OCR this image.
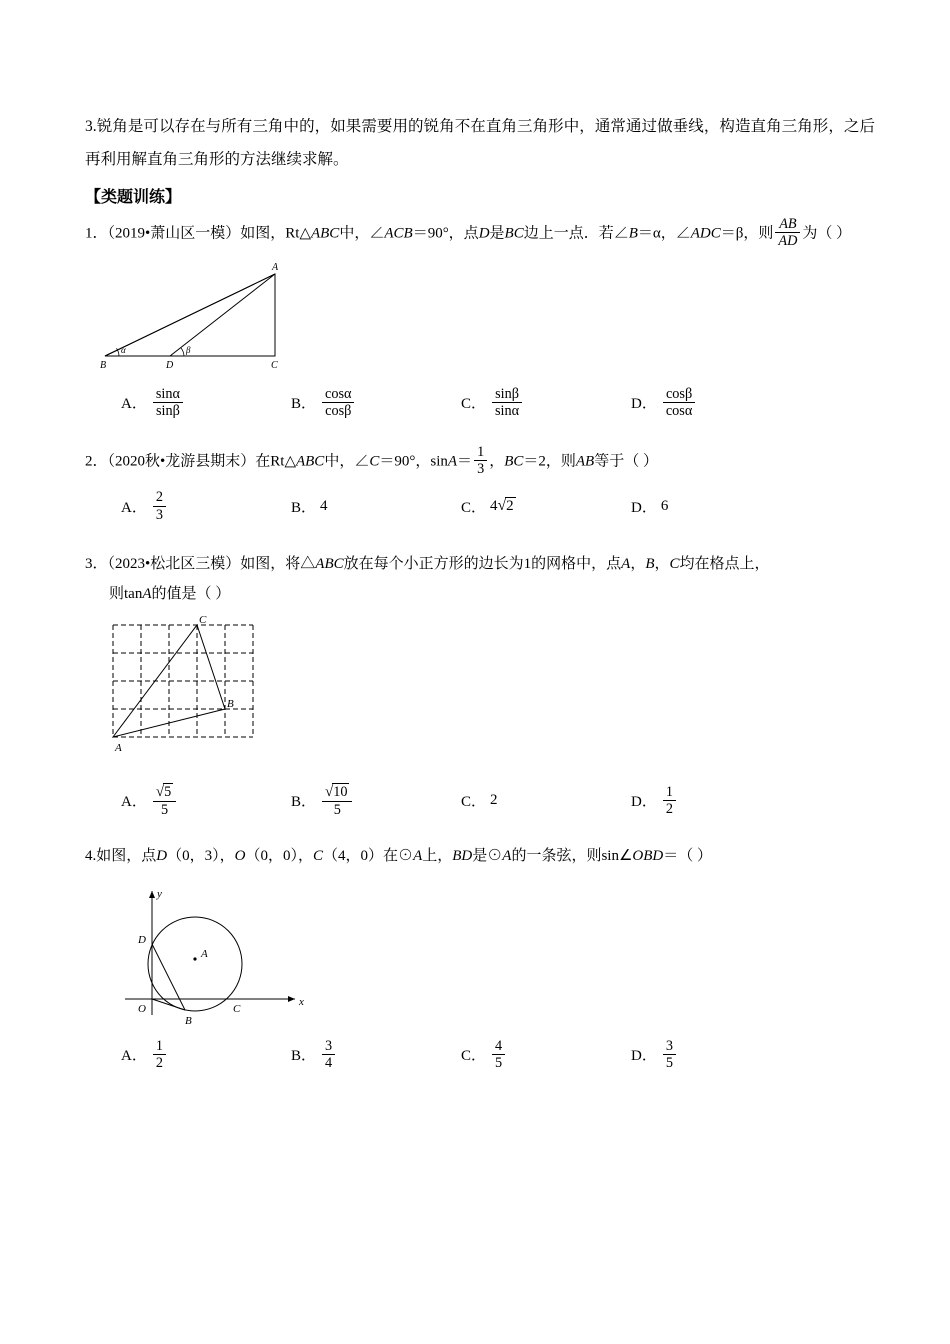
3.锐角是可以存在与所有三角中的，如果需要用的锐角不在直角三角形中，通常通过做垂线，构造直角三角形，之后再利用解直角三角形的方法继续求解。
【类题训练】
1．（2019•萧山区一模）如图，Rt△ABC中，∠ACB＝90°，点D是BC边上一点．若∠B＝α，∠ADC＝β，则 $\frac{AB}{AD}$ 为（ ）
α	β
B	D	C
A
A． $\frac{\sin\alpha}{\sin\beta}$	B． $\frac{\cos\alpha}{\cos\beta}$	C． $\frac{\sin\beta}{\sin\alpha}$	D． $\frac{\cos\beta}{\cos\alpha}$
2．（2020秋•龙游县期末）在Rt△ABC中，∠C＝90°，$\sin A= \frac{1}{3}$ ，BC＝2，则AB等于（ ）
A． $\frac{2}{3}$	B． 4	C． 4 √ 2	D． 6
3．（2023•松北区三模）如图，将△ABC放在每个小正方形的边长为1的网格中，点A，B，C均在格点上，
则tanA的值是（ ）
C
B
A
A． $\frac{√5}{5}$	B． $\frac{√10}{5}$	C． 2	D． $\frac{1}{2}$
4.如图，点D（0，3），O（0，0），C（4，0）在⊙A上，BD是⊙A的一条弦，则sin∠OBD＝（ ）
A
D
O
B
C
x
y
A． $\frac{1}{2}$	B． $\frac{3}{4}$	C． $\frac{4}{5}$	D． $\frac{3}{5}$
